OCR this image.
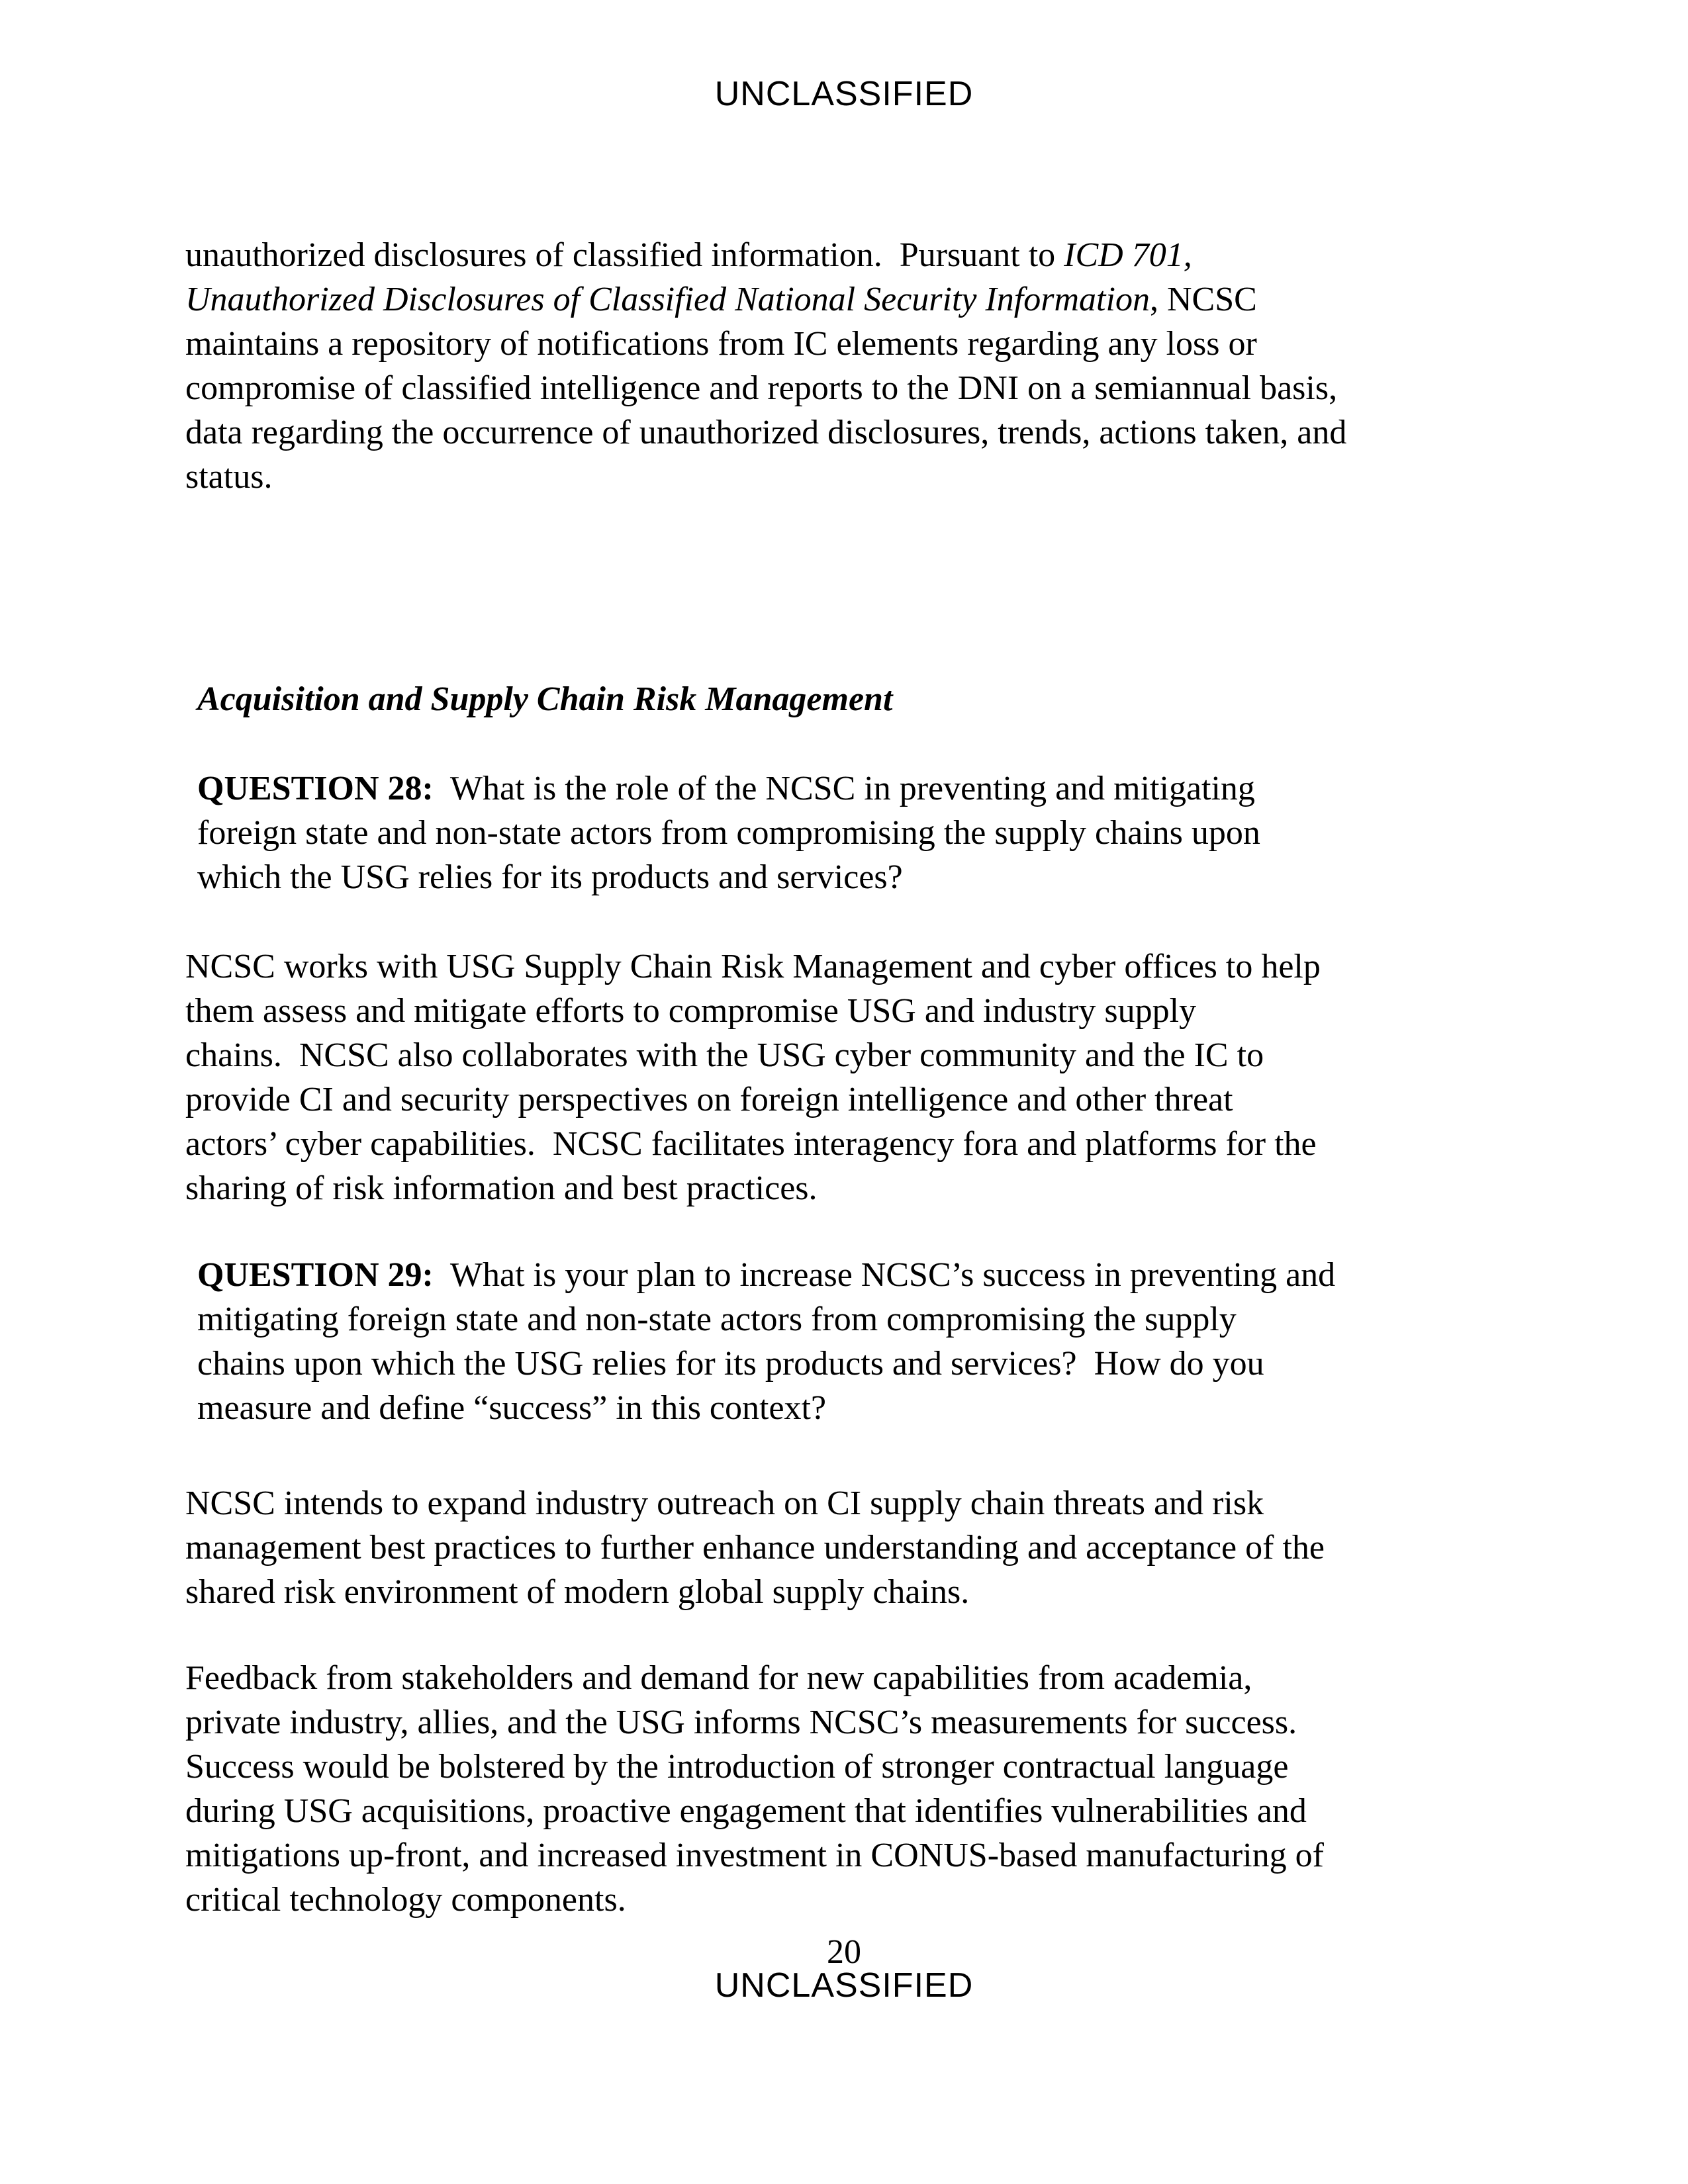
UNCLASSIFIED
unauthorized disclosures of classified information.  Pursuant to ICD 701,
Unauthorized Disclosures of Classified National Security Information, NCSC
maintains a repository of notifications from IC elements regarding any loss or
compromise of classified intelligence and reports to the DNI on a semiannual basis,
data regarding the occurrence of unauthorized disclosures, trends, actions taken, and
status.
Acquisition and Supply Chain Risk Management
QUESTION 28:  What is the role of the NCSC in preventing and mitigating
foreign state and non-state actors from compromising the supply chains upon
which the USG relies for its products and services?
NCSC works with USG Supply Chain Risk Management and cyber offices to help
them assess and mitigate efforts to compromise USG and industry supply
chains.  NCSC also collaborates with the USG cyber community and the IC to
provide CI and security perspectives on foreign intelligence and other threat
actors’ cyber capabilities.  NCSC facilitates interagency fora and platforms for the
sharing of risk information and best practices.
QUESTION 29:  What is your plan to increase NCSC’s success in preventing and
mitigating foreign state and non-state actors from compromising the supply
chains upon which the USG relies for its products and services?  How do you
measure and define “success” in this context?
NCSC intends to expand industry outreach on CI supply chain threats and risk
management best practices to further enhance understanding and acceptance of the
shared risk environment of modern global supply chains.
Feedback from stakeholders and demand for new capabilities from academia,
private industry, allies, and the USG informs NCSC’s measurements for success.
Success would be bolstered by the introduction of stronger contractual language
during USG acquisitions, proactive engagement that identifies vulnerabilities and
mitigations up-front, and increased investment in CONUS-based manufacturing of
critical technology components.
20
UNCLASSIFIED
